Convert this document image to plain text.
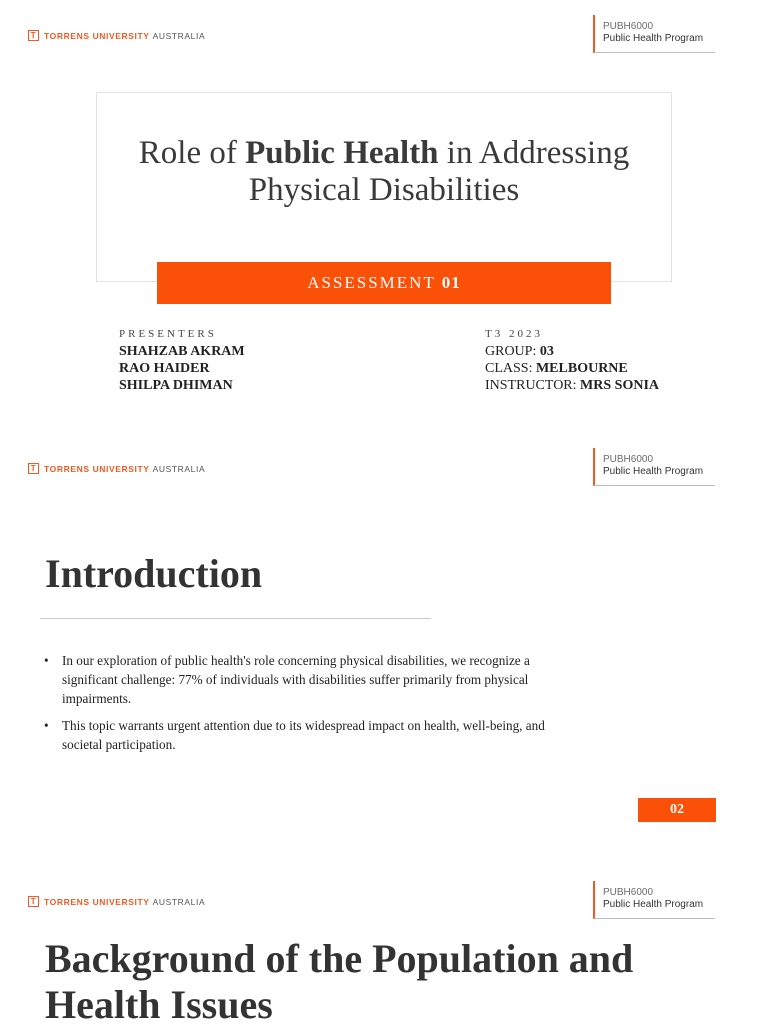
T TORRENS UNIVERSITY AUSTRALIA
PUBH6000
Public Health Program
Role of Public Health in Addressing Physical Disabilities
ASSESSMENT 01
PRESENTERS
SHAHZAB AKRAM
RAO HAIDER
SHILPA DHIMAN
T3 2023
GROUP: 03
CLASS: MELBOURNE
INSTRUCTOR: MRS SONIA
T TORRENS UNIVERSITY AUSTRALIA
PUBH6000
Public Health Program
Introduction
• In our exploration of public health's role concerning physical disabilities, we recognize a significant challenge: 77% of individuals with disabilities suffer primarily from physical impairments.
• This topic warrants urgent attention due to its widespread impact on health, well-being, and societal participation.
02
T TORRENS UNIVERSITY AUSTRALIA
PUBH6000
Public Health Program
Background of the Population and Health Issues
